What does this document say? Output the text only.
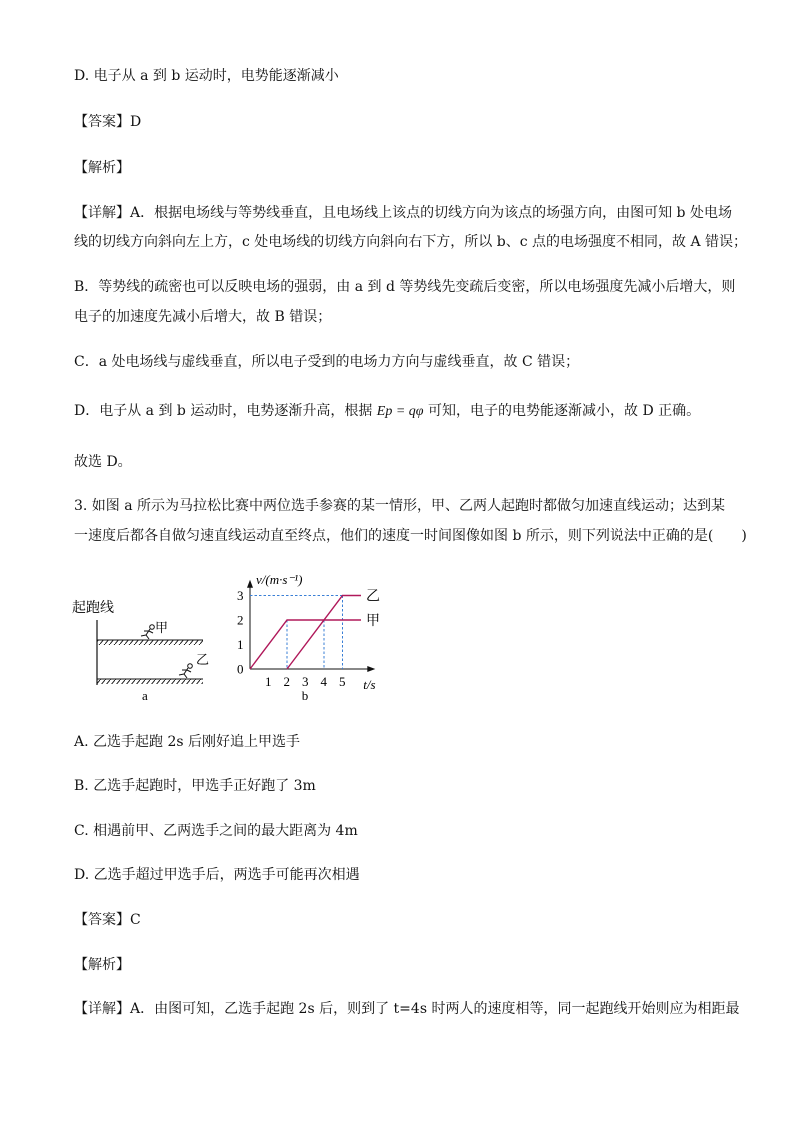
D. 电子从 a 到 b 运动时，电势能逐渐减小
【答案】D
【解析】
【详解】A．根据电场线与等势线垂直，且电场线上该点的切线方向为该点的场强方向，由图可知 b 处电场
线的切线方向斜向左上方，c 处电场线的切线方向斜向右下方，所以 b、c 点的电场强度不相同，故 A 错误；
B．等势线的疏密也可以反映电场的强弱，由 a 到 d 等势线先变疏后变密，所以电场强度先减小后增大，则
电子的加速度先减小后增大，故 B 错误；
C．a 处电场线与虚线垂直，所以电子受到的电场力方向与虚线垂直，故 C 错误；
D．电子从 a 到 b 运动时，电势逐渐升高，根据 Ep = qφ 可知，电子的电势能逐渐减小，故 D 正确。
故选 D。
3. 如图 a 所示为马拉松比赛中两位选手参赛的某一情形，甲、乙两人起跑时都做匀加速直线运动；达到某
一速度后都各自做匀速直线运动直至终点，他们的速度一时间图像如图 b 所示，则下列说法中正确的是(　　)
起跑线
甲
乙
a
v/(m·s⁻¹)
t/s
1 2 3 4 5
0
1
2
3
甲
乙
b
A. 乙选手起跑 2s 后刚好追上甲选手
B. 乙选手起跑时，甲选手正好跑了 3m
C. 相遇前甲、乙两选手之间的最大距离为 4m
D. 乙选手超过甲选手后，两选手可能再次相遇
【答案】C
【解析】
【详解】A．由图可知，乙选手起跑 2s 后，则到了 t=4s 时两人的速度相等，同一起跑线开始则应为相距最
